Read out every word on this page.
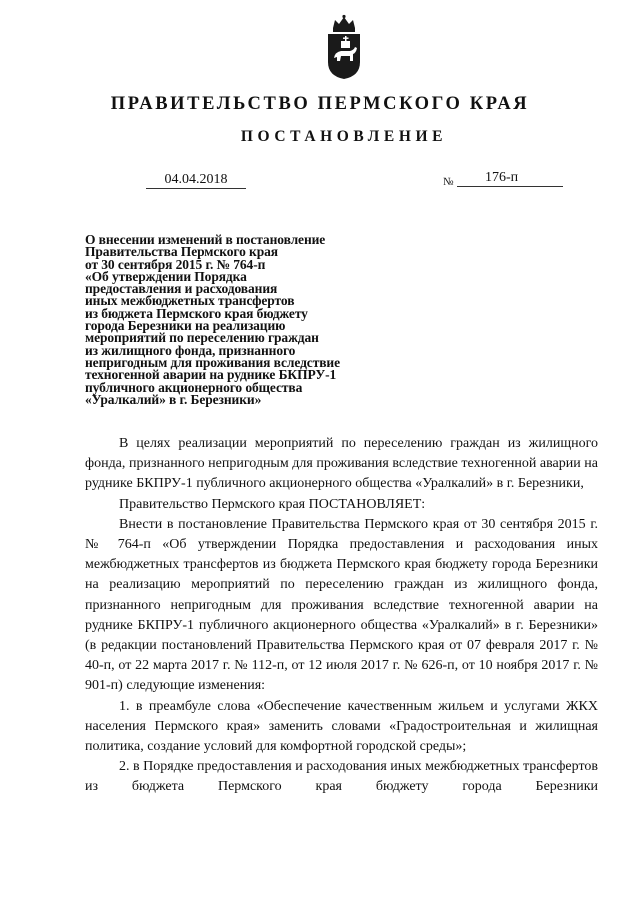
ПРАВИТЕЛЬСТВО ПЕРМСКОГО КРАЯ
ПОСТАНОВЛЕНИЕ
04.04.2018	№	176-п
О внесении изменений в постановление
Правительства Пермского края
от 30 сентября 2015 г. № 764-п
«Об утверждении Порядка
предоставления и расходования
иных межбюджетных трансфертов
из бюджета Пермского края бюджету
города Березники на реализацию
мероприятий по переселению граждан
из жилищного фонда, признанного
непригодным для проживания вследствие
техногенной аварии на руднике БКПРУ-1
публичного акционерного общества
«Уралкалий» в г. Березники»

В целях реализации мероприятий по переселению граждан из жилищного фонда, признанного непригодным для проживания вследствие техногенной аварии на руднике БКПРУ-1 публичного акционерного общества «Уралкалий» в г. Березники,

Правительство Пермского края ПОСТАНОВЛЯЕТ:

Внести в постановление Правительства Пермского края от 30 сентября 2015 г. № 764-п «Об утверждении Порядка предоставления и расходования иных межбюджетных трансфертов из бюджета Пермского края бюджету города Березники на реализацию мероприятий по переселению граждан из жилищного фонда, признанного непригодным для проживания вследствие техногенной аварии на руднике БКПРУ-1 публичного акционерного общества «Уралкалий» в г. Березники» (в редакции постановлений Правительства Пермского края от 07 февраля 2017 г. № 40-п, от 22 марта 2017 г. № 112-п, от 12 июля 2017 г. № 626-п, от 10 ноября 2017 г. № 901-п) следующие изменения:

1. в преамбуле слова «Обеспечение качественным жильем и услугами ЖКХ населения Пермского края» заменить словами «Градостроительная и жилищная политика, создание условий для комфортной городской среды»;

2. в Порядке предоставления и расходования иных межбюджетных трансфертов из бюджета Пермского края бюджету города Березники
